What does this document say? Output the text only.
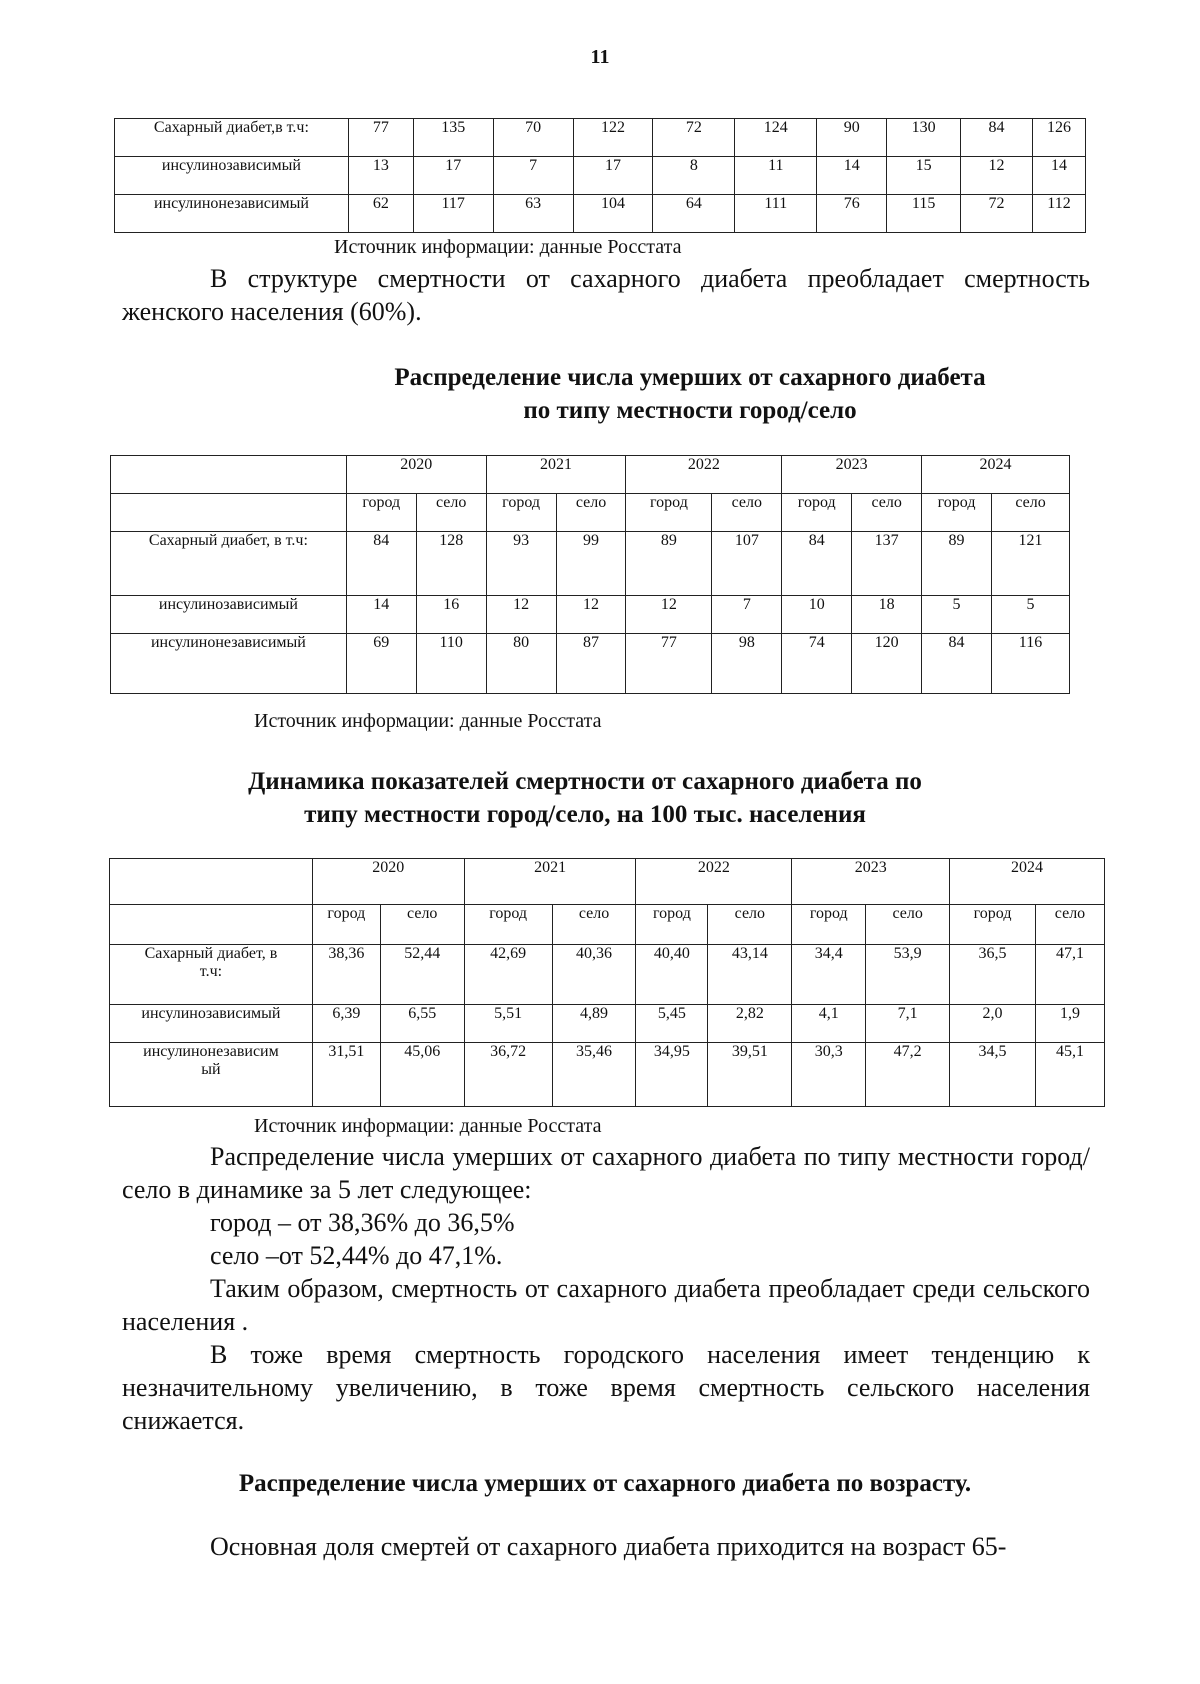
11
Сахарный диабет,в т.ч:	77	135	70	122	72	124	90	130	84	126
инсулинозависимый	13	17	7	17	8	11	14	15	12	14
инсулинонезависимый	62	117	63	104	64	111	76	115	72	112
Источник информации: данные Росстата
В структуре смертности от сахарного диабета преобладает смертность женского населения (60%).
Распределение числа умерших от сахарного диабета
по типу местности город/село
	2020		2021		2022		2023		2024	
	город	село	город	село	город	село	город	село	город	село
Сахарный диабет, в т.ч:	84	128	93	99	89	107	84	137	89	121
инсулинозависимый	14	16	12	12	12	7	10	18	5	5
инсулинонезависимый	69	110	80	87	77	98	74	120	84	116
Источник информации: данные Росстата
Динамика показателей смертности от сахарного диабета по
типу местности город/село, на 100 тыс. населения
	2020		2021		2022		2023		2024	
	город	село	город	село	город	село	город	село	город	село

Сахарный диабет, в
т.ч:	38,36	52,44	42,69	40,36	40,40	43,14	34,4	53,9	36,5	47,1

инсулинозависимый	6,39	6,55	5,51	4,89	5,45	2,82	4,1	7,1	2,0	1,9

инсулинонезависим
ый	31,51	45,06	36,72	35,46	34,95	39,51	30,3	47,2	34,5	45,1
Источник информации: данные Росстата
Распределение числа умерших от сахарного диабета по типу местности город/село в динамике за 5 лет следующее:
город – от 38,36% до 36,5%
село –от 52,44% до 47,1%.
Таким образом, смертность от сахарного диабета преобладает среди сельского населения .
В тоже время смертность городского населения имеет тенденцию к незначительному увеличению, в тоже время смертность сельского населения снижается.
Распределение числа умерших от сахарного диабета по возрасту.
Основная доля смертей от сахарного диабета приходится на возраст 65-
